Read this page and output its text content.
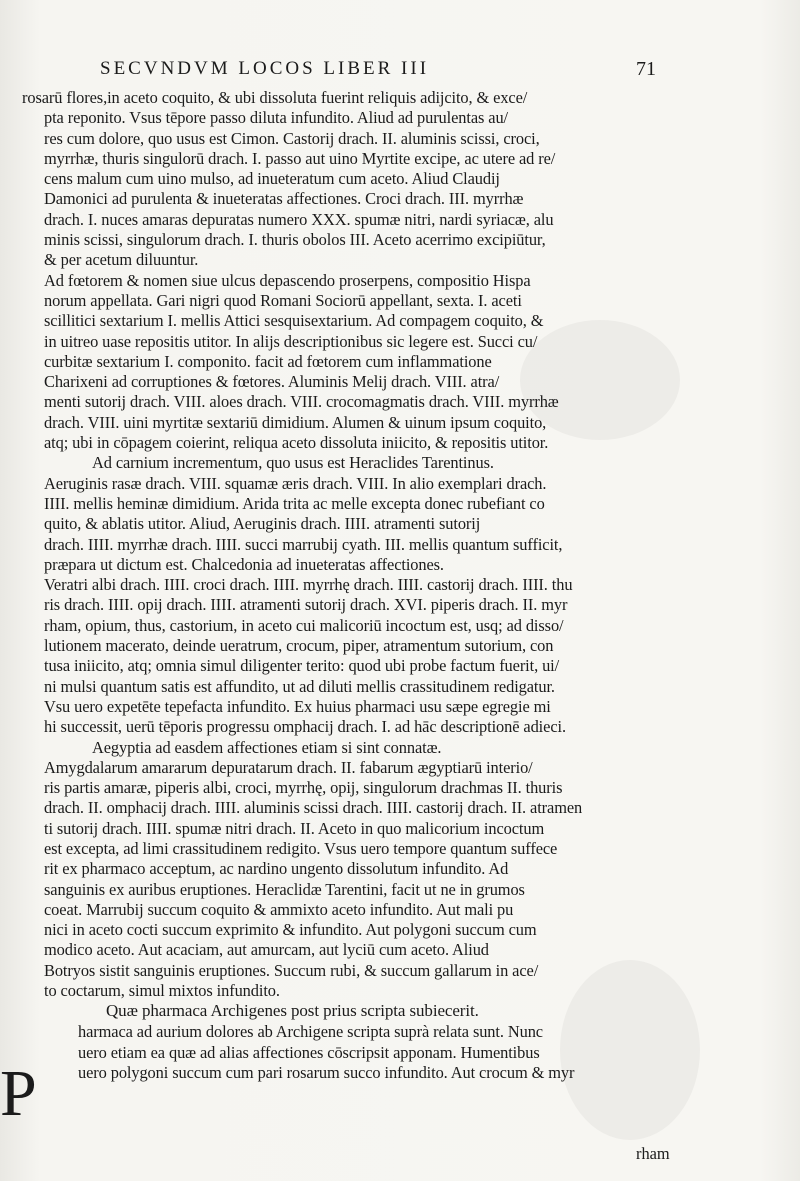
SECVNDVM LOCOS LIBER III	71
rosarū flores,in aceto coquito, & ubi dissoluta fuerint reliquis adijcito, & exce/
pta reponito. Vsus tēpore passo diluta infundito. Aliud ad purulentas au/
res cum dolore, quo usus est Cimon. Castorij drach. II. aluminis scissi, croci,
myrrhæ, thuris singulorū drach. I. passo aut uino Myrtite excipe, ac utere ad re/
cens malum cum uino mulso, ad inueteratum cum aceto. Aliud Claudij
Damonici ad purulenta & inueteratas affectiones. Croci drach. III. myrrhæ
drach. I. nuces amaras depuratas numero XXX. spumæ nitri, nardi syriacæ, alu
minis scissi, singulorum drach. I. thuris obolos III. Aceto acerrimo excipiūtur,
& per acetum diluuntur.
Ad fœtorem & nomen siue ulcus depascendo proserpens, compositio Hispa
norum appellata. Gari nigri quod Romani Sociorū appellant, sexta. I. aceti
scillitici sextarium I. mellis Attici sesquisextarium. Ad compagem coquito, &
in uitreo uase repositis utitor. In alijs descriptionibus sic legere est. Succi cu/
curbitæ sextarium I. componito. facit ad fœtorem cum inflammatione
Charixeni ad corruptiones & fœtores. Aluminis Melij drach. VIII. atra/
menti sutorij drach. VIII. aloes drach. VIII. crocomagmatis drach. VIII. myrrhæ
drach. VIII. uini myrtitæ sextariū dimidium. Alumen & uinum ipsum coquito,
atq; ubi in cōpagem coierint, reliqua aceto dissoluta iniicito, & repositis utitor.
Ad carnium incrementum, quo usus est Heraclides Tarentinus.
Aeruginis rasæ drach. VIII. squamæ æris drach. VIII. In alio exemplari drach.
IIII. mellis heminæ dimidium. Arida trita ac melle excepta donec rubefiant co
quito, & ablatis utitor. Aliud, Aeruginis drach. IIII. atramenti sutorij
drach. IIII. myrrhæ drach. IIII. succi marrubij cyath. III. mellis quantum sufficit,
præpara ut dictum est. Chalcedonia ad inueteratas affectiones.
Veratri albi drach. IIII. croci drach. IIII. myrrhę drach. IIII. castorij drach. IIII. thu
ris drach. IIII. opij drach. IIII. atramenti sutorij drach. XVI. piperis drach. II. myr
rham, opium, thus, castorium, in aceto cui malicoriū incoctum est, usq; ad disso/
lutionem macerato, deinde ueratrum, crocum, piper, atramentum sutorium, con
tusa iniicito, atq; omnia simul diligenter terito: quod ubi probe factum fuerit, ui/
ni mulsi quantum satis est affundito, ut ad diluti mellis crassitudinem redigatur.
Vsu uero expetēte tepefacta infundito. Ex huius pharmaci usu sæpe egregie mi
hi successit, uerū tēporis progressu omphacij drach. I. ad hāc descriptionē adieci.
Aegyptia ad easdem affectiones etiam si sint connatæ.
Amygdalarum amararum depuratarum drach. II. fabarum ægyptiarū interio/
ris partis amaræ, piperis albi, croci, myrrhę, opij, singulorum drachmas II. thuris
drach. II. omphacij drach. IIII. aluminis scissi drach. IIII. castorij drach. II. atramen
ti sutorij drach. IIII. spumæ nitri drach. II. Aceto in quo malicorium incoctum
est excepta, ad limi crassitudinem redigito. Vsus uero tempore quantum suffece
rit ex pharmaco acceptum, ac nardino ungento dissolutum infundito. Ad
sanguinis ex auribus eruptiones. Heraclidæ Tarentini, facit ut ne in grumos
coeat. Marrubij succum coquito & ammixto aceto infundito. Aut mali pu
nici in aceto cocti succum exprimito & infundito. Aut polygoni succum cum
modico aceto. Aut acaciam, aut amurcam, aut lyciū cum aceto. Aliud
Botryos sistit sanguinis eruptiones. Succum rubi, & succum gallarum in ace/
to coctarum, simul mixtos infundito.
Quæ pharmaca Archigenes post prius scripta subiecerit.
harmaca ad aurium dolores ab Archigene scripta suprà relata sunt. Nunc
uero etiam ea quæ ad alias affectiones cōscripsit apponam. Humentibus
uero polygoni succum cum pari rosarum succo infundito. Aut crocum & myr
P
rham
